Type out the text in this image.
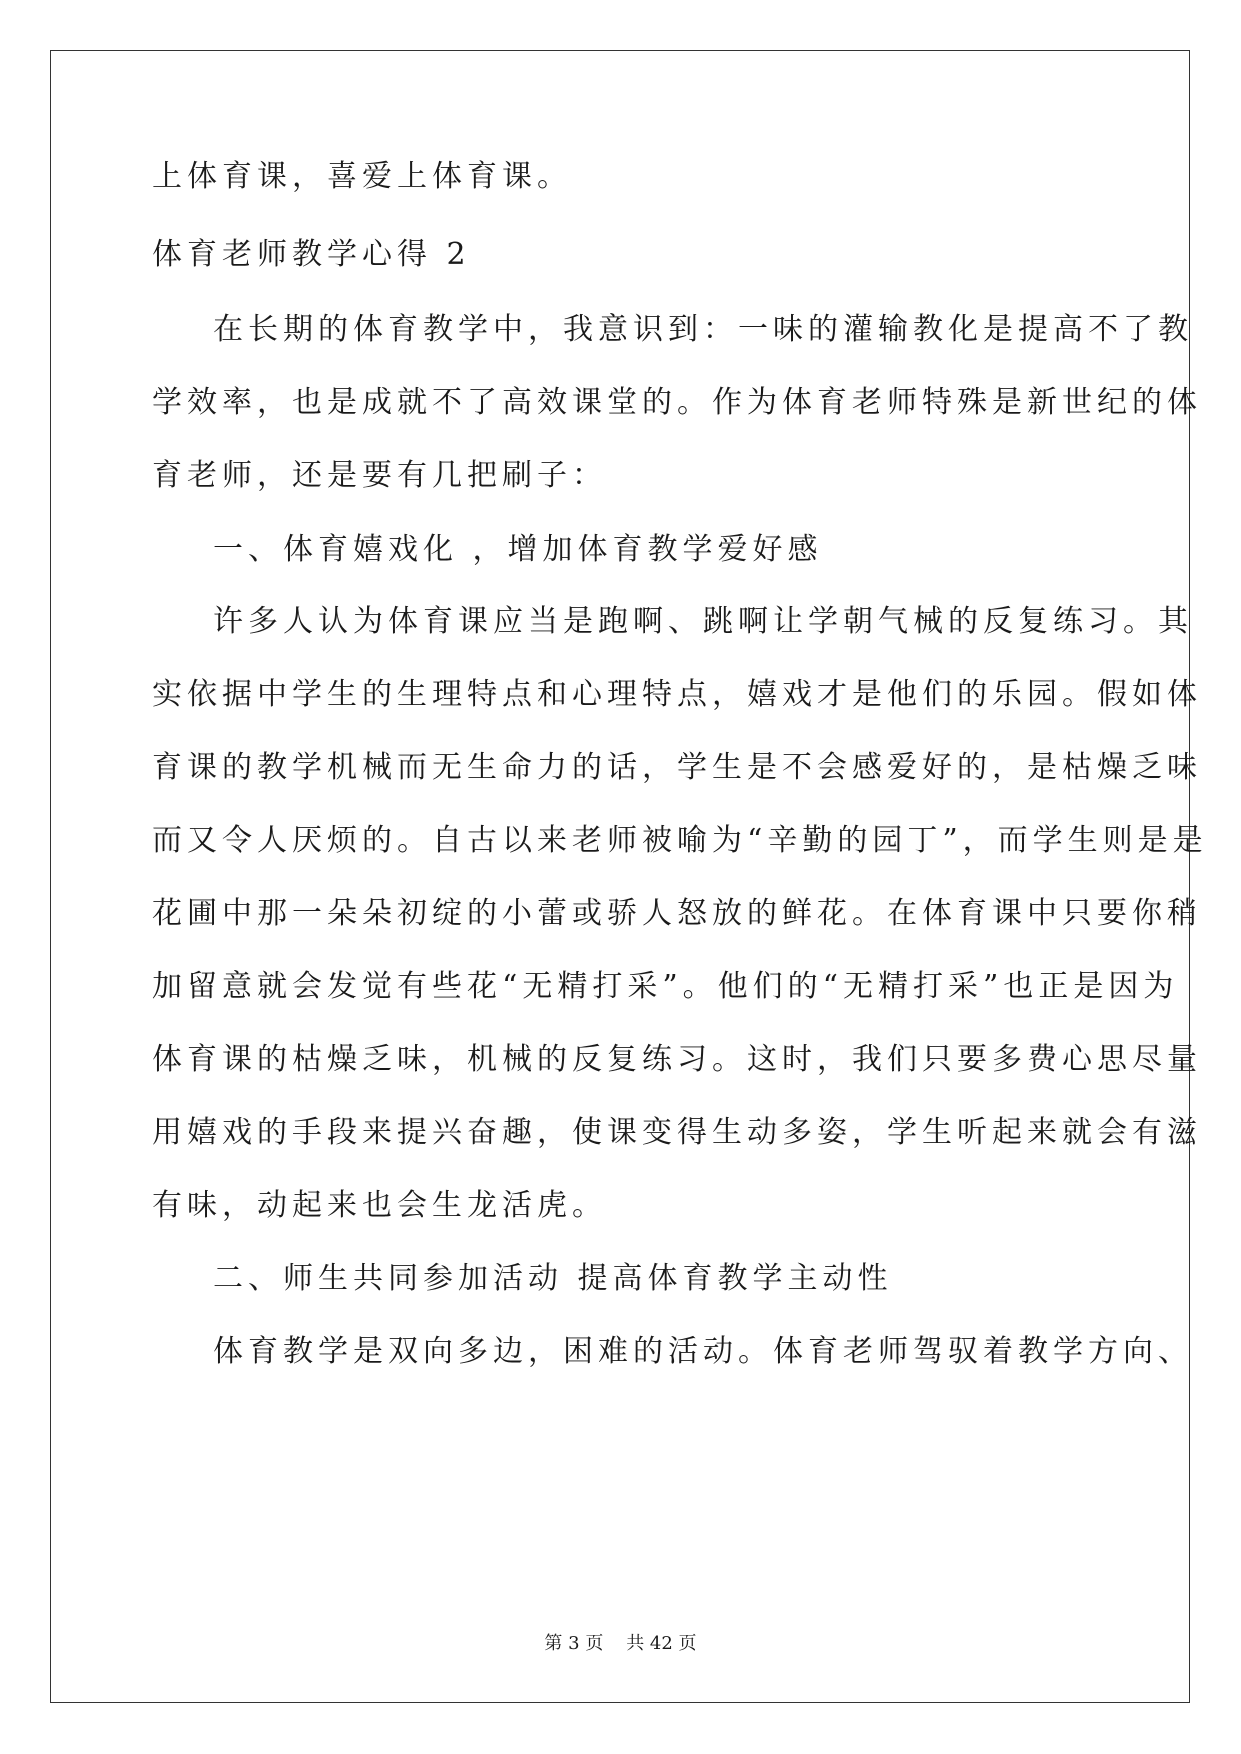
上体育课，喜爱上体育课。
体育老师教学心得 2
在长期的体育教学中，我意识到：一味的灌输教化是提高不了教
学效率，也是成就不了高效课堂的。作为体育老师特殊是新世纪的体
育老师，还是要有几把刷子：
一、体育嬉戏化 ，增加体育教学爱好感
许多人认为体育课应当是跑啊、跳啊让学朝气械的反复练习。其
实依据中学生的生理特点和心理特点，嬉戏才是他们的乐园。假如体
育课的教学机械而无生命力的话，学生是不会感爱好的，是枯燥乏味
而又令人厌烦的。自古以来老师被喻为“辛勤的园丁”，而学生则是是
花圃中那一朵朵初绽的小蕾或骄人怒放的鲜花。在体育课中只要你稍
加留意就会发觉有些花“无精打采”。他们的“无精打采”也正是因为
体育课的枯燥乏味，机械的反复练习。这时，我们只要多费心思尽量
用嬉戏的手段来提兴奋趣，使课变得生动多姿，学生听起来就会有滋
有味，动起来也会生龙活虎。
二、师生共同参加活动 提高体育教学主动性
体育教学是双向多边，困难的活动。体育老师驾驭着教学方向、
第 3 页    共 42 页
